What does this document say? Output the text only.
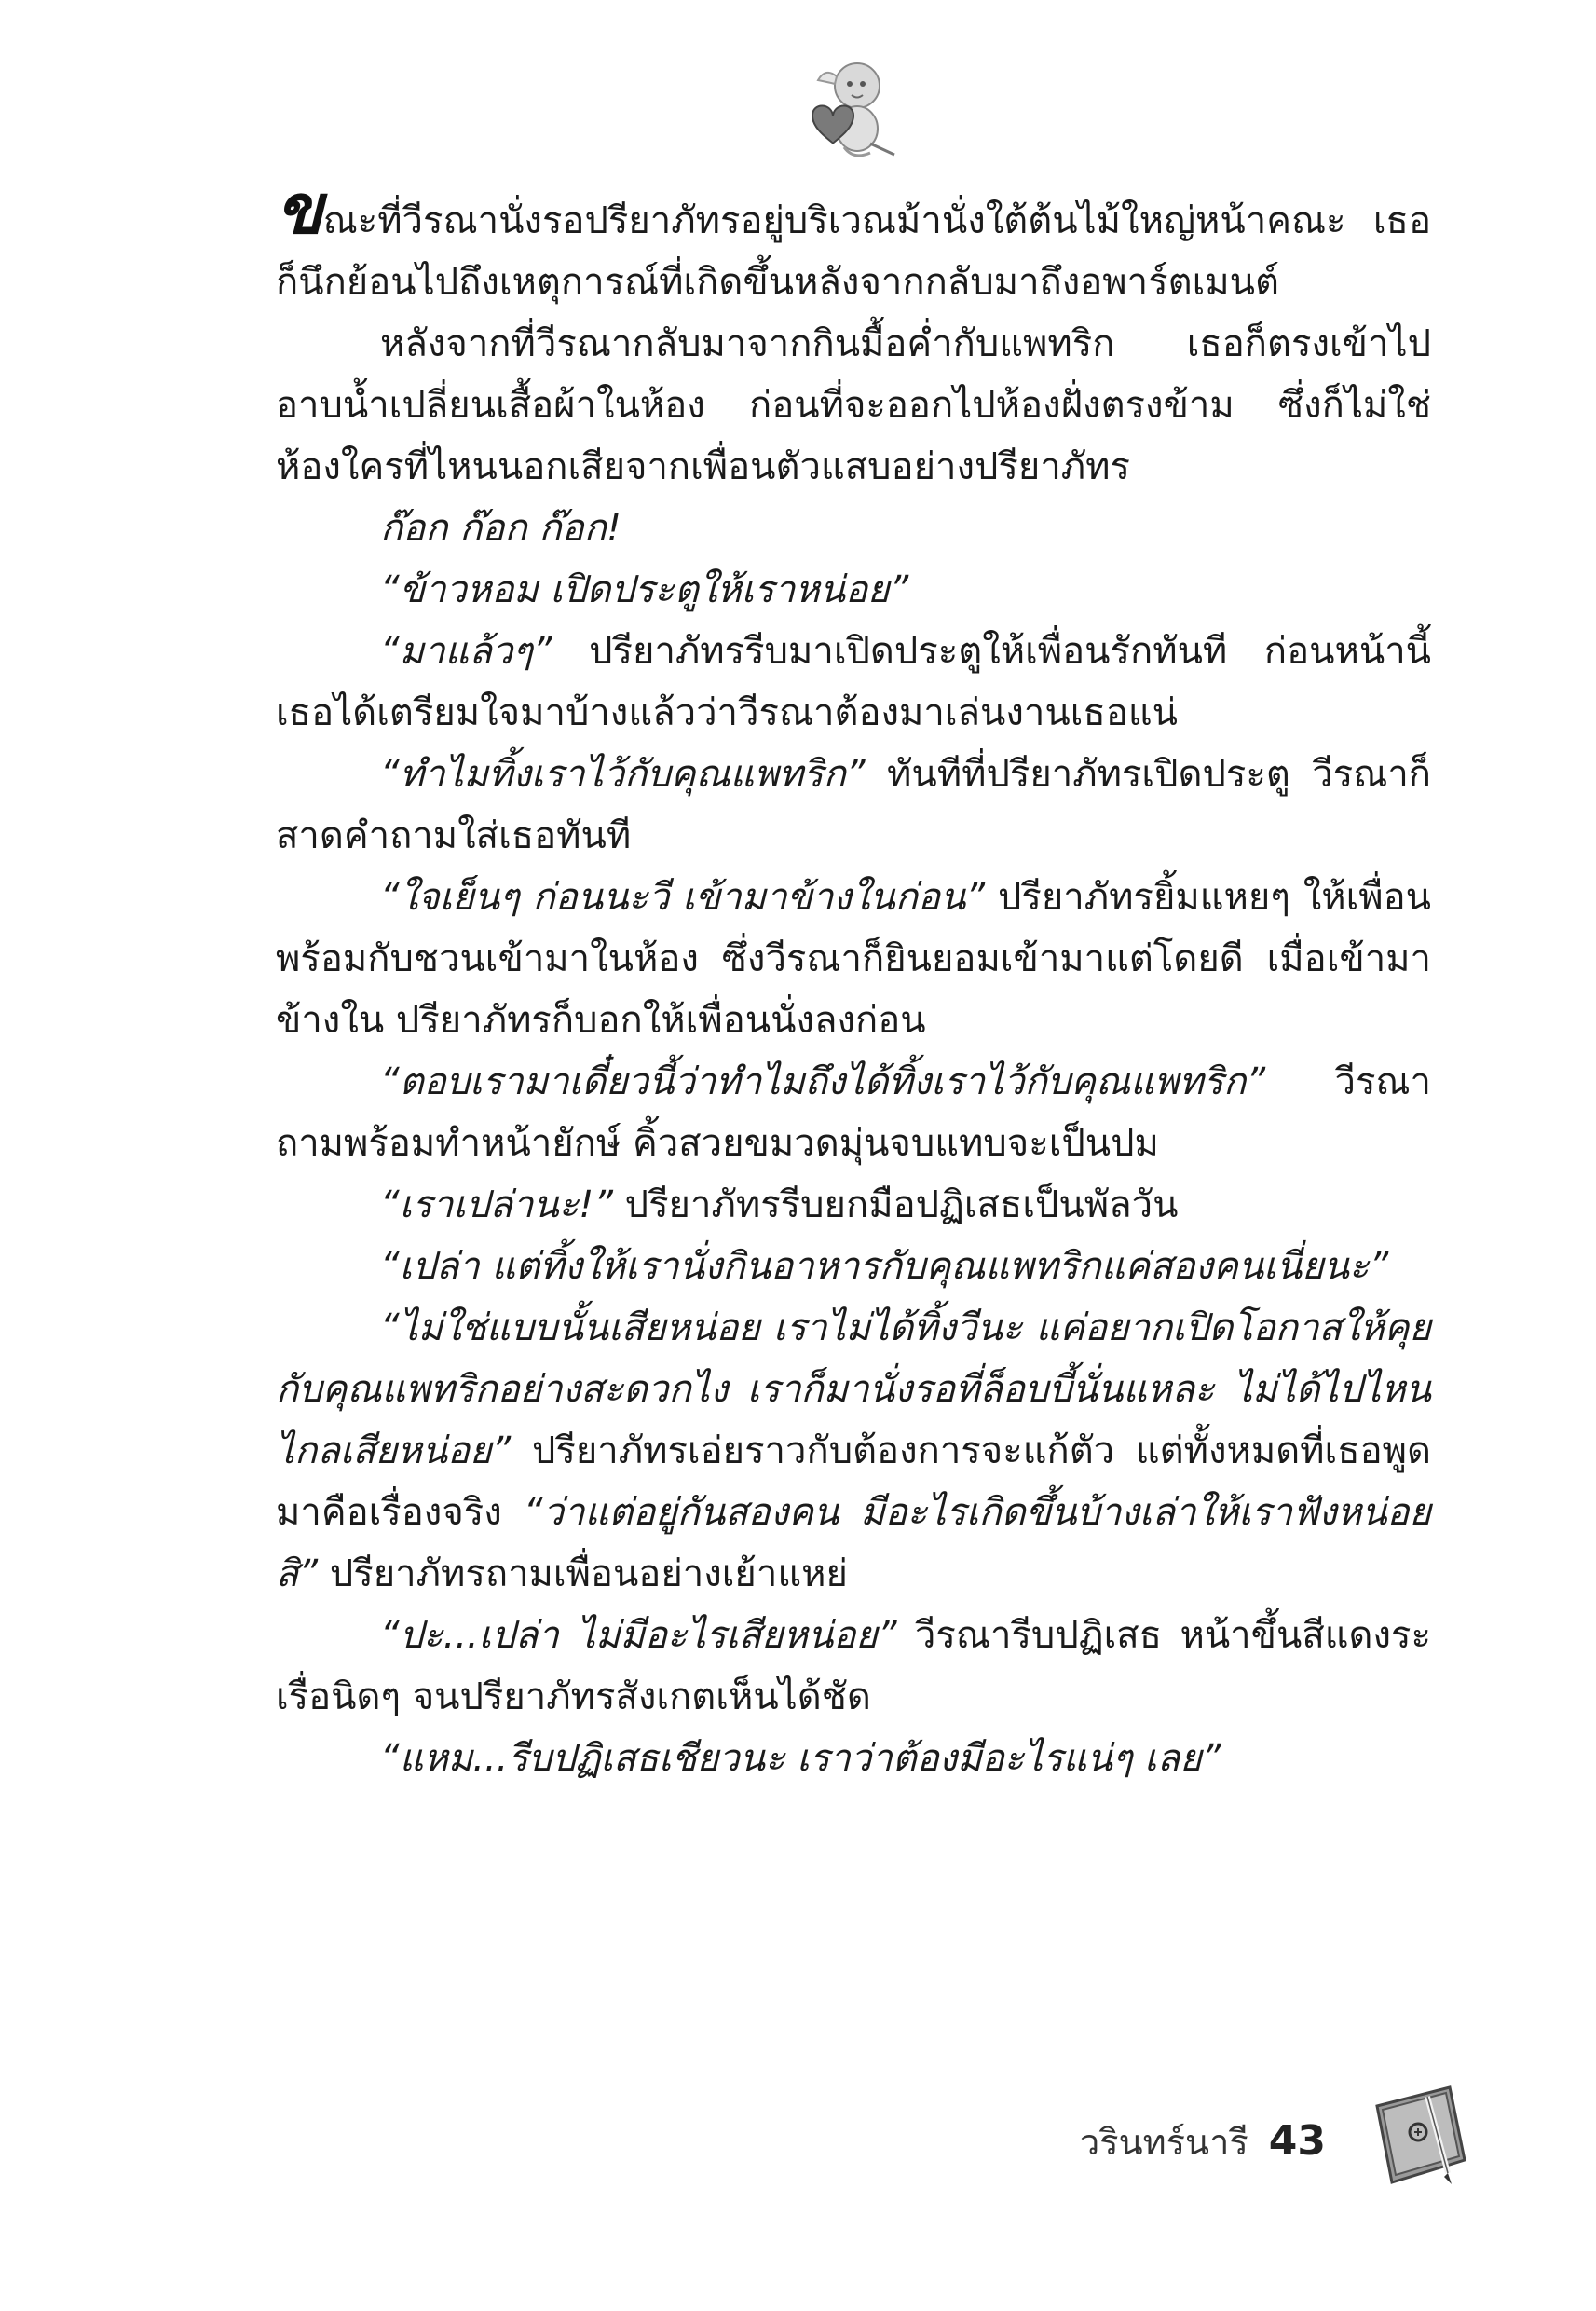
ขณะที่วีรณานั่งรอปรียาภัทรอยู่บริเวณม้านั่งใต้ต้นไม้ใหญ่หน้าคณะ เธอก็นึกย้อนไปถึงเหตุการณ์ที่เกิดขึ้นหลังจากกลับมาถึงอพาร์ตเมนต์

หลังจากที่วีรณากลับมาจากกินมื้อค่ำกับแพทริก เธอก็ตรงเข้าไปอาบน้ำเปลี่ยนเสื้อผ้าในห้อง ก่อนที่จะออกไปห้องฝั่งตรงข้าม ซึ่งก็ไม่ใช่ห้องใครที่ไหนนอกเสียจากเพื่อนตัวแสบอย่างปรียาภัทร

ก๊อก ก๊อก ก๊อก!

“ข้าวหอม เปิดประตูให้เราหน่อย”

“มาแล้วๆ” ปรียาภัทรรีบมาเปิดประตูให้เพื่อนรักทันที ก่อนหน้านี้เธอได้เตรียมใจมาบ้างแล้วว่าวีรณาต้องมาเล่นงานเธอแน่

“ทำไมทิ้งเราไว้กับคุณแพทริก” ทันทีที่ปรียาภัทรเปิดประตู วีรณาก็สาดคำถามใส่เธอทันที

“ใจเย็นๆ ก่อนนะวี เข้ามาข้างในก่อน” ปรียาภัทรยิ้มแหยๆ ให้เพื่อน พร้อมกับชวนเข้ามาในห้อง ซึ่งวีรณาก็ยินยอมเข้ามาแต่โดยดี เมื่อเข้ามาข้างใน ปรียาภัทรก็บอกให้เพื่อนนั่งลงก่อน

“ตอบเรามาเดี๋ยวนี้ว่าทำไมถึงได้ทิ้งเราไว้กับคุณแพทริก” วีรณาถามพร้อมทำหน้ายักษ์ คิ้วสวยขมวดมุ่นจบแทบจะเป็นปม

“เราเปล่านะ!” ปรียาภัทรรีบยกมือปฏิเสธเป็นพัลวัน

“เปล่า แต่ทิ้งให้เรานั่งกินอาหารกับคุณแพทริกแค่สองคนเนี่ยนะ”

“ไม่ใช่แบบนั้นเสียหน่อย เราไม่ได้ทิ้งวีนะ แค่อยากเปิดโอกาสให้คุยกับคุณแพทริกอย่างสะดวกไง เราก็มานั่งรอที่ล็อบบี้นั่นแหละ ไม่ได้ไปไหนไกลเสียหน่อย” ปรียาภัทรเอ่ยราวกับต้องการจะแก้ตัว แต่ทั้งหมดที่เธอพูดมาคือเรื่องจริง “ว่าแต่อยู่กันสองคน มีอะไรเกิดขึ้นบ้างเล่าให้เราฟังหน่อยสิ” ปรียาภัทรถามเพื่อนอย่างเย้าแหย่

“ปะ...เปล่า ไม่มีอะไรเสียหน่อย” วีรณารีบปฏิเสธ หน้าขึ้นสีแดงระเรื่อนิดๆ จนปรียาภัทรสังเกตเห็นได้ชัด

“แหม...รีบปฏิเสธเชียวนะ เราว่าต้องมีอะไรแน่ๆ เลย”

วรินทร์นารี 43
